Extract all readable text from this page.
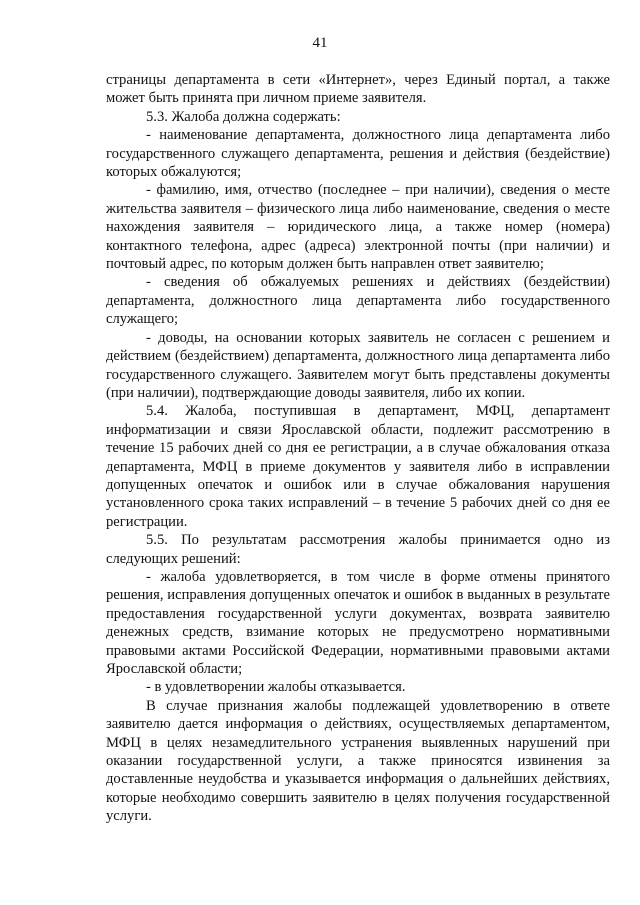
41

страницы департамента в сети «Интернет», через Единый портал, а также может быть принята при личном приеме заявителя.

5.3. Жалоба должна содержать:

- наименование департамента, должностного лица департамента либо государственного служащего департамента, решения и действия (бездействие) которых обжалуются;

- фамилию, имя, отчество (последнее – при наличии), сведения о месте жительства заявителя – физического лица либо наименование, сведения о месте нахождения заявителя – юридического лица, а также номер (номера) контактного телефона, адрес (адреса) электронной почты (при наличии) и почтовый адрес, по которым должен быть направлен ответ заявителю;

- сведения об обжалуемых решениях и действиях (бездействии) департамента, должностного лица департамента либо государственного служащего;

- доводы, на основании которых заявитель не согласен с решением и действием (бездействием) департамента, должностного лица департамента либо государственного служащего. Заявителем могут быть представлены документы (при наличии), подтверждающие доводы заявителя, либо их копии.

5.4. Жалоба, поступившая в департамент, МФЦ, департамент информатизации и связи Ярославской области, подлежит рассмотрению в течение 15 рабочих дней со дня ее регистрации, а в случае обжалования отказа департамента, МФЦ в приеме документов у заявителя либо в исправлении допущенных опечаток и ошибок или в случае обжалования нарушения установленного срока таких исправлений – в течение 5 рабочих дней со дня ее регистрации.

5.5. По результатам рассмотрения жалобы принимается одно из следующих решений:

- жалоба удовлетворяется, в том числе в форме отмены принятого решения, исправления допущенных опечаток и ошибок в выданных в результате предоставления государственной услуги документах, возврата заявителю денежных средств, взимание которых не предусмотрено нормативными правовыми актами Российской Федерации, нормативными правовыми актами Ярославской области;

- в удовлетворении жалобы отказывается.

В случае признания жалобы подлежащей удовлетворению в ответе заявителю дается информация о действиях, осуществляемых департаментом, МФЦ в целях незамедлительного устранения выявленных нарушений при оказании государственной услуги, а также приносятся извинения за доставленные неудобства и указывается информация о дальнейших действиях, которые необходимо совершить заявителю в целях получения государственной услуги.
